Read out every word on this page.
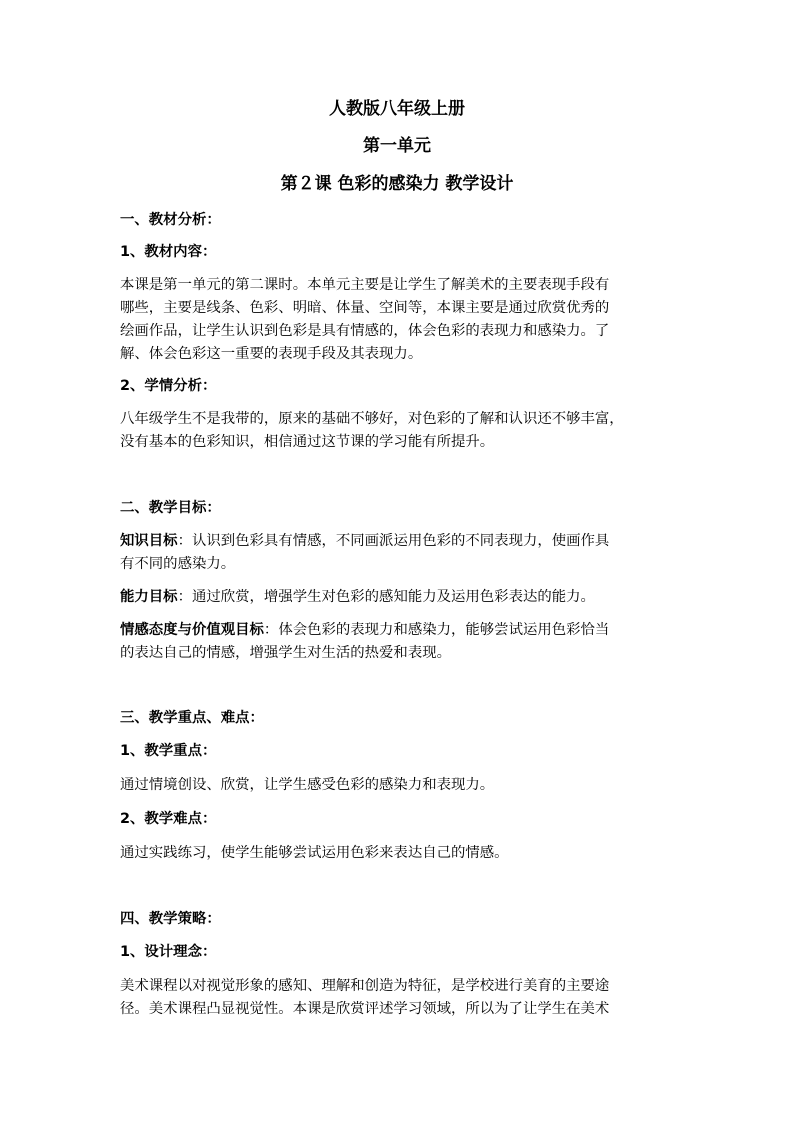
人教版八年级上册
第一单元
第２课 色彩的感染力 教学设计
一、教材分析：
1、教材内容：
本课是第一单元的第二课时。本单元主要是让学生了解美术的主要表现手段有
哪些，主要是线条、色彩、明暗、体量、空间等，本课主要是通过欣赏优秀的
绘画作品，让学生认识到色彩是具有情感的，体会色彩的表现力和感染力。了
解、体会色彩这一重要的表现手段及其表现力。
2、学情分析：
八年级学生不是我带的，原来的基础不够好，对色彩的了解和认识还不够丰富，
没有基本的色彩知识，相信通过这节课的学习能有所提升。
二、教学目标：
知识目标：认识到色彩具有情感，不同画派运用色彩的不同表现力，使画作具
有不同的感染力。
能力目标：通过欣赏，增强学生对色彩的感知能力及运用色彩表达的能力。
情感态度与价值观目标：体会色彩的表现力和感染力，能够尝试运用色彩恰当
的表达自己的情感，增强学生对生活的热爱和表现。
三、教学重点、难点：
1、教学重点：
通过情境创设、欣赏，让学生感受色彩的感染力和表现力。
2、教学难点：
通过实践练习，使学生能够尝试运用色彩来表达自己的情感。
四、教学策略：
1、设计理念：
美术课程以对视觉形象的感知、理解和创造为特征，是学校进行美育的主要途
径。美术课程凸显视觉性。本课是欣赏评述学习领域，所以为了让学生在美术
